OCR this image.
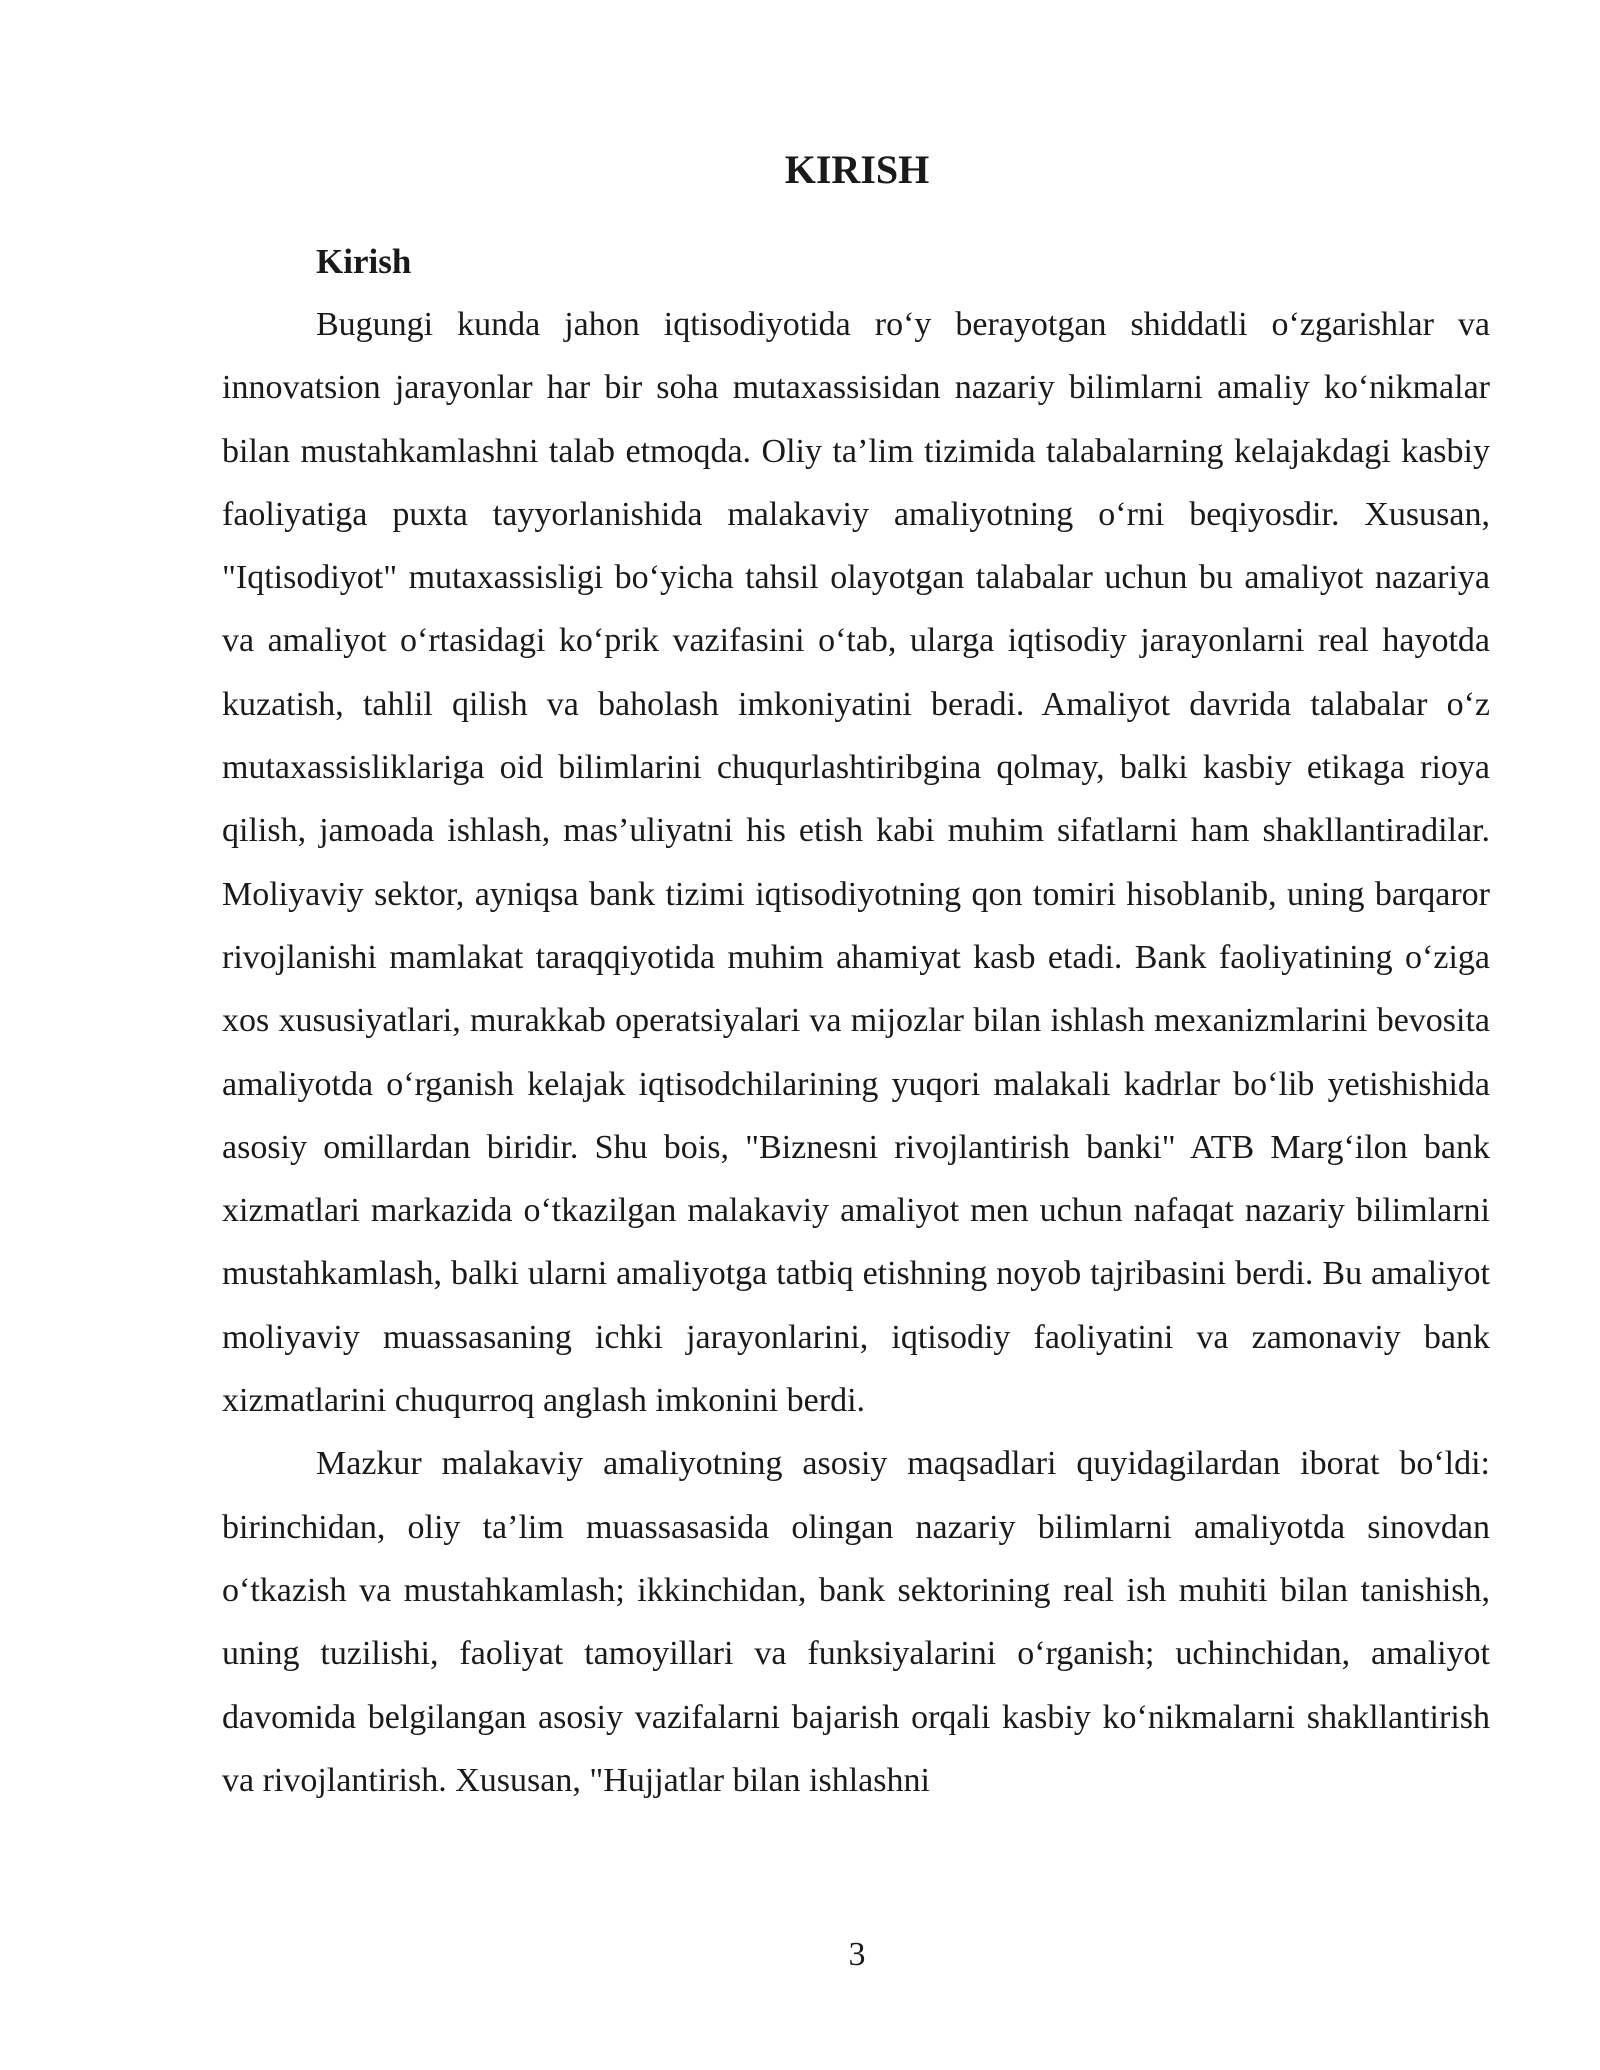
KIRISH

Kirish

Bugungi kunda jahon iqtisodiyotida ro‘y berayotgan shiddatli o‘zgarishlar va innovatsion jarayonlar har bir soha mutaxassisidan nazariy bilimlarni amaliy ko‘nikmalar bilan mustahkamlashni talab etmoqda. Oliy ta’lim tizimida talabalarning kelajakdagi kasbiy faoliyatiga puxta tayyorlanishida malakaviy amaliyotning o‘rni beqiyosdir. Xususan, "Iqtisodiyot" mutaxassisligi bo‘yicha tahsil olayotgan talabalar uchun bu amaliyot nazariya va amaliyot o‘rtasidagi ko‘prik vazifasini o‘tab, ularga iqtisodiy jarayonlarni real hayotda kuzatish, tahlil qilish va baholash imkoniyatini beradi. Amaliyot davrida talabalar o‘z mutaxassisliklariga oid bilimlarini chuqurlashtiribgina qolmay, balki kasbiy etikaga rioya qilish, jamoada ishlash, mas’uliyatni his etish kabi muhim sifatlarni ham shakllantiradilar. Moliyaviy sektor, ayniqsa bank tizimi iqtisodiyotning qon tomiri hisoblanib, uning barqaror rivojlanishi mamlakat taraqqiyotida muhim ahamiyat kasb etadi. Bank faoliyatining o‘ziga xos xususiyatlari, murakkab operatsiyalari va mijozlar bilan ishlash mexanizmlarini bevosita amaliyotda o‘rganish kelajak iqtisodchilarining yuqori malakali kadrlar bo‘lib yetishishida asosiy omillardan biridir. Shu bois, "Biznesni rivojlantirish banki" ATB Marg‘ilon bank xizmatlari markazida o‘tkazilgan malakaviy amaliyot men uchun nafaqat nazariy bilimlarni mustahkamlash, balki ularni amaliyotga tatbiq etishning noyob tajribasini berdi. Bu amaliyot moliyaviy muassasaning ichki jarayonlarini, iqtisodiy faoliyatini va zamonaviy bank xizmatlarini chuqurroq anglash imkonini berdi.

Mazkur malakaviy amaliyotning asosiy maqsadlari quyidagilardan iborat bo‘ldi: birinchidan, oliy ta’lim muassasasida olingan nazariy bilimlarni amaliyotda sinovdan o‘tkazish va mustahkamlash; ikkinchidan, bank sektorining real ish muhiti bilan tanishish, uning tuzilishi, faoliyat tamoyillari va funksiyalarini o‘rganish; uchinchidan, amaliyot davomida belgilangan asosiy vazifalarni bajarish orqali kasbiy ko‘nikmalarni shakllantirish va rivojlantirish. Xususan, "Hujjatlar bilan ishlashni

3
